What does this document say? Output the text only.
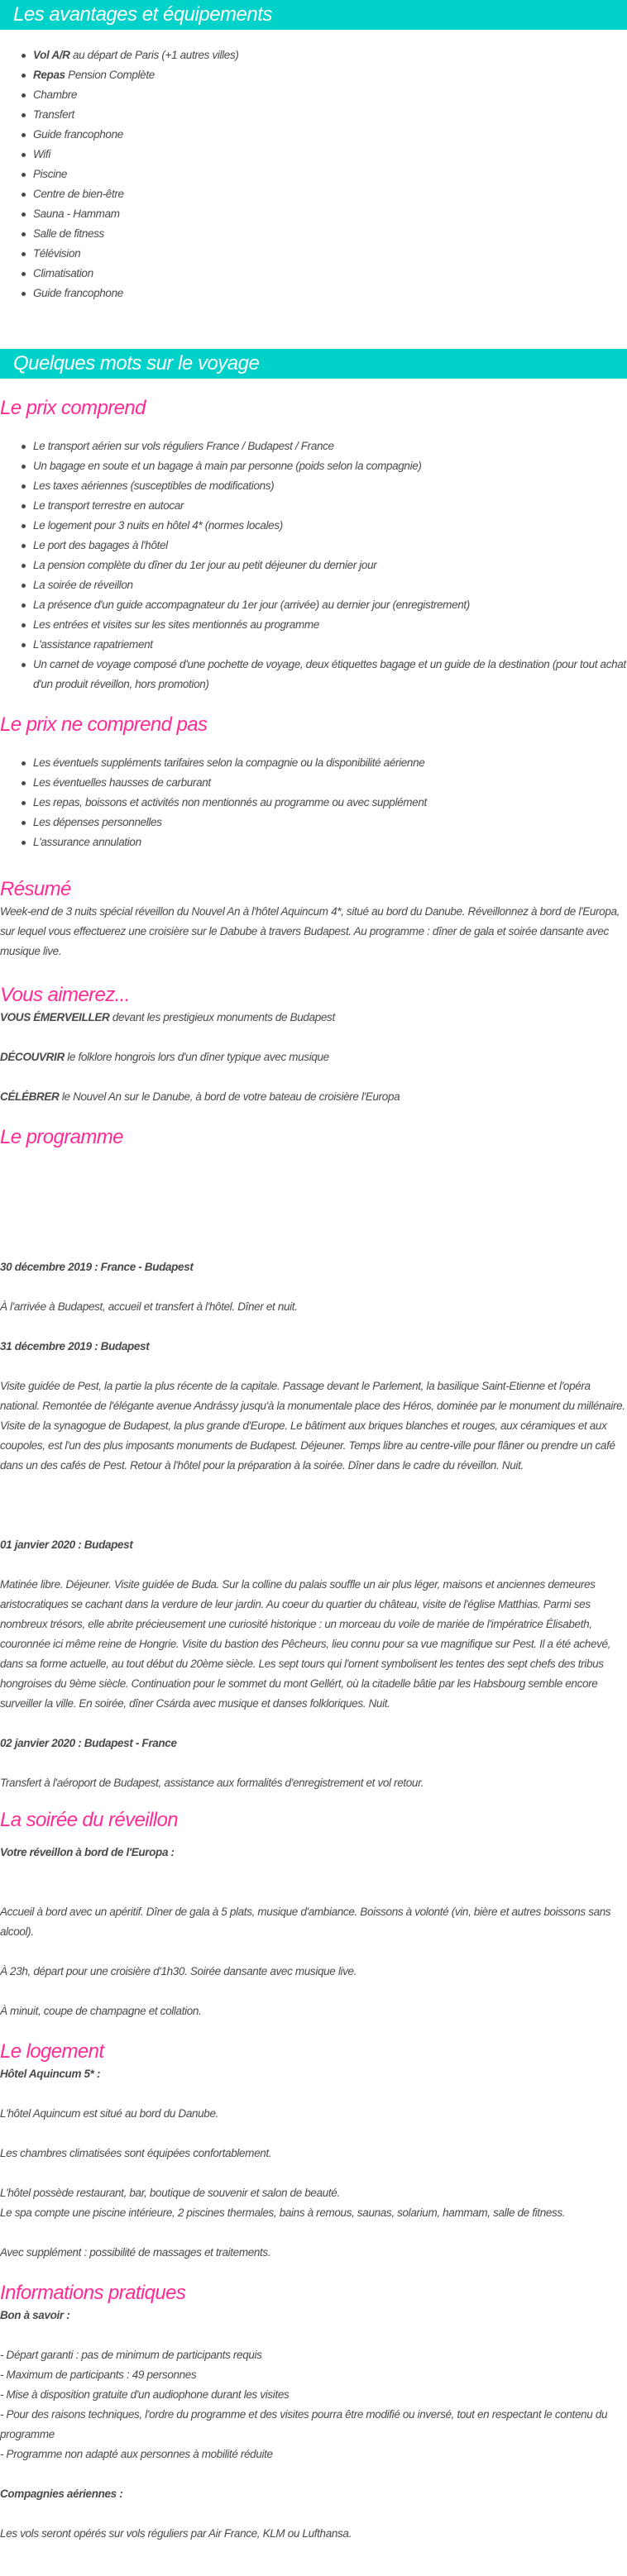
Les avantages et équipements
Vol A/R au départ de Paris (+1 autres villes)
Repas Pension Complète
Chambre
Transfert
Guide francophone
Wifi
Piscine
Centre de bien-être
Sauna - Hammam
Salle de fitness
Télévision
Climatisation
Guide francophone
Quelques mots sur le voyage
Le prix comprend
Le transport aérien sur vols réguliers France / Budapest / France
Un bagage en soute et un bagage à main par personne (poids selon la compagnie)
Les taxes aériennes (susceptibles de modifications)
Le transport terrestre en autocar
Le logement pour 3 nuits en hôtel 4* (normes locales)
Le port des bagages à l'hôtel
La pension complète du dîner du 1er jour au petit déjeuner du dernier jour
La soirée de réveillon
La présence d'un guide accompagnateur du 1er jour (arrivée) au dernier jour (enregistrement)
Les entrées et visites sur les sites mentionnés au programme
L'assistance rapatriement
Un carnet de voyage composé d'une pochette de voyage, deux étiquettes bagage et un guide de la destination (pour tout achat d'un produit réveillon, hors promotion)
Le prix ne comprend pas
Les éventuels suppléments tarifaires selon la compagnie ou la disponibilité aérienne
Les éventuelles hausses de carburant
Les repas, boissons et activités non mentionnés au programme ou avec supplément
Les dépenses personnelles
L'assurance annulation
Résumé

Week-end de 3 nuits spécial réveillon du Nouvel An à l'hôtel Aquincum 4*, situé au bord du Danube. Réveillonnez à bord de l'Europa, sur lequel vous effectuerez une croisière sur le Dabube à travers Budapest. Au programme : dîner de gala et soirée dansante avec musique live.

Vous aimerez...

VOUS ÉMERVEILLER devant les prestigieux monuments de Budapest

DÉCOUVRIR le folklore hongrois lors d'un dîner typique avec musique

CÉLÉBRER le Nouvel An sur le Danube, à bord de votre bateau de croisière l'Europa

Le programme

30 décembre 2019 : France - Budapest

À l'arrivée à Budapest, accueil et transfert à l'hôtel. Dîner et nuit.

31 décembre 2019 : Budapest

Visite guidée de Pest, la partie la plus récente de la capitale. Passage devant le Parlement, la basilique Saint-Etienne et l'opéra national. Remontée de l'élégante avenue Andrássy jusqu'à la monumentale place des Héros, dominée par le monument du millénaire. Visite de la synagogue de Budapest, la plus grande d'Europe. Le bâtiment aux briques blanches et rouges, aux céramiques et aux coupoles, est l'un des plus imposants monuments de Budapest. Déjeuner. Temps libre au centre-ville pour flâner ou prendre un café dans un des cafés de Pest. Retour à l'hôtel pour la préparation à la soirée. Dîner dans le cadre du réveillon. Nuit.

01 janvier 2020 : Budapest

Matinée libre. Déjeuner. Visite guidée de Buda. Sur la colline du palais souffle un air plus léger, maisons et anciennes demeures aristocratiques se cachant dans la verdure de leur jardin. Au coeur du quartier du château, visite de l'église Matthias. Parmi ses nombreux trésors, elle abrite précieusement une curiosité historique : un morceau du voile de mariée de l'impératrice Élisabeth, couronnée ici même reine de Hongrie. Visite du bastion des Pêcheurs, lieu connu pour sa vue magnifique sur Pest. Il a été achevé, dans sa forme actuelle, au tout début du 20ème siècle. Les sept tours qui l'ornent symbolisent les tentes des sept chefs des tribus hongroises du 9ème siècle. Continuation pour le sommet du mont Gellért, où la citadelle bâtie par les Habsbourg semble encore surveiller la ville. En soirée, dîner Csárda avec musique et danses folkloriques. Nuit.

02 janvier 2020 : Budapest - France

Transfert à l'aéroport de Budapest, assistance aux formalités d'enregistrement et vol retour.

La soirée du réveillon

Votre réveillon à bord de l'Europa :

Accueil à bord avec un apéritif. Dîner de gala à 5 plats, musique d'ambiance. Boissons à volonté (vin, bière et autres boissons sans alcool).

À 23h, départ pour une croisière d'1h30. Soirée dansante avec musique live.

À minuit, coupe de champagne et collation.

Le logement

Hôtel Aquincum 5* :

L'hôtel Aquincum est situé au bord du Danube.

Les chambres climatisées sont équipées confortablement.

L'hôtel possède restaurant, bar, boutique de souvenir et salon de beauté.

Le spa compte une piscine intérieure, 2 piscines thermales, bains à remous, saunas, solarium, hammam, salle de fitness.

Avec supplément : possibilité de massages et traitements.

Informations pratiques

Bon à savoir :

- Départ garanti : pas de minimum de participants requis

- Maximum de participants : 49 personnes

- Mise à disposition gratuite d'un audiophone durant les visites

- Pour des raisons techniques, l'ordre du programme et des visites pourra être modifié ou inversé, tout en respectant le contenu du programme

- Programme non adapté aux personnes à mobilité réduite

Compagnies aériennes :

Les vols seront opérés sur vols réguliers par Air France, KLM ou Lufthansa.
